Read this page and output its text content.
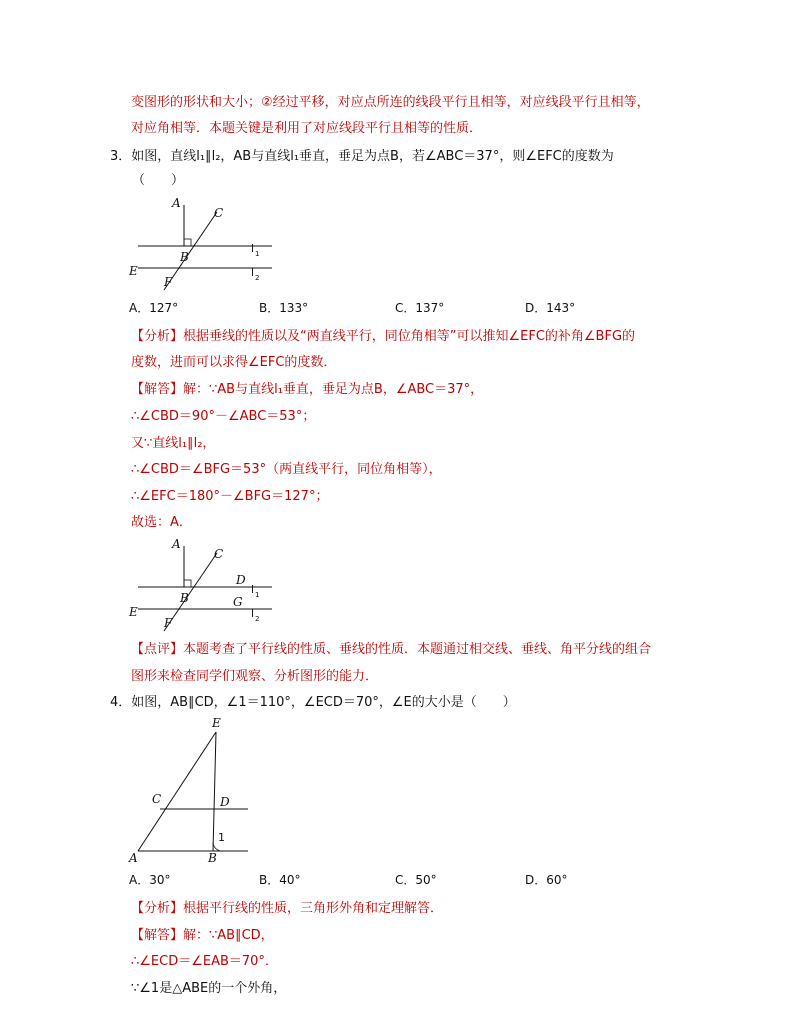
变图形的形状和大小；②经过平移，对应点所连的线段平行且相等，对应线段平行且相等，
对应角相等．本题关键是利用了对应线段平行且相等的性质．
3．如图，直线l₁∥l₂，AB与直线l₁垂直，垂足为点B，若∠ABC＝37°，则∠EFC的度数为
（　　）
A
C
B
E
F
l 1
l 2
A．127°	B．133°	C．137°	D．143°
【分析】根据垂线的性质以及“两直线平行，同位角相等”可以推知∠EFC的补角∠BFG的
度数，进而可以求得∠EFC的度数．
【解答】解：∵AB与直线l₁垂直，垂足为点B，∠ABC＝37°，
∴∠CBD＝90°－∠ABC＝53°；
又∵直线l₁∥l₂，
∴∠CBD＝∠BFG＝53°（两直线平行，同位角相等），
∴∠EFC＝180°－∠BFG＝127°；
故选：A．
A
C
B
E
F
D
G
l 1
l 2
【点评】本题考查了平行线的性质、垂线的性质．本题通过相交线、垂线、角平分线的组合
图形来检查同学们观察、分析图形的能力．
4．如图，AB∥CD，∠1＝110°，∠ECD＝70°，∠E的大小是（　　）
E
C	D
A	B
1
A．30°	B．40°	C．50°	D．60°
【分析】根据平行线的性质，三角形外角和定理解答．
【解答】解：∵AB∥CD，
∴∠ECD＝∠EAB＝70°．
∵∠1是△ABE的一个外角，
